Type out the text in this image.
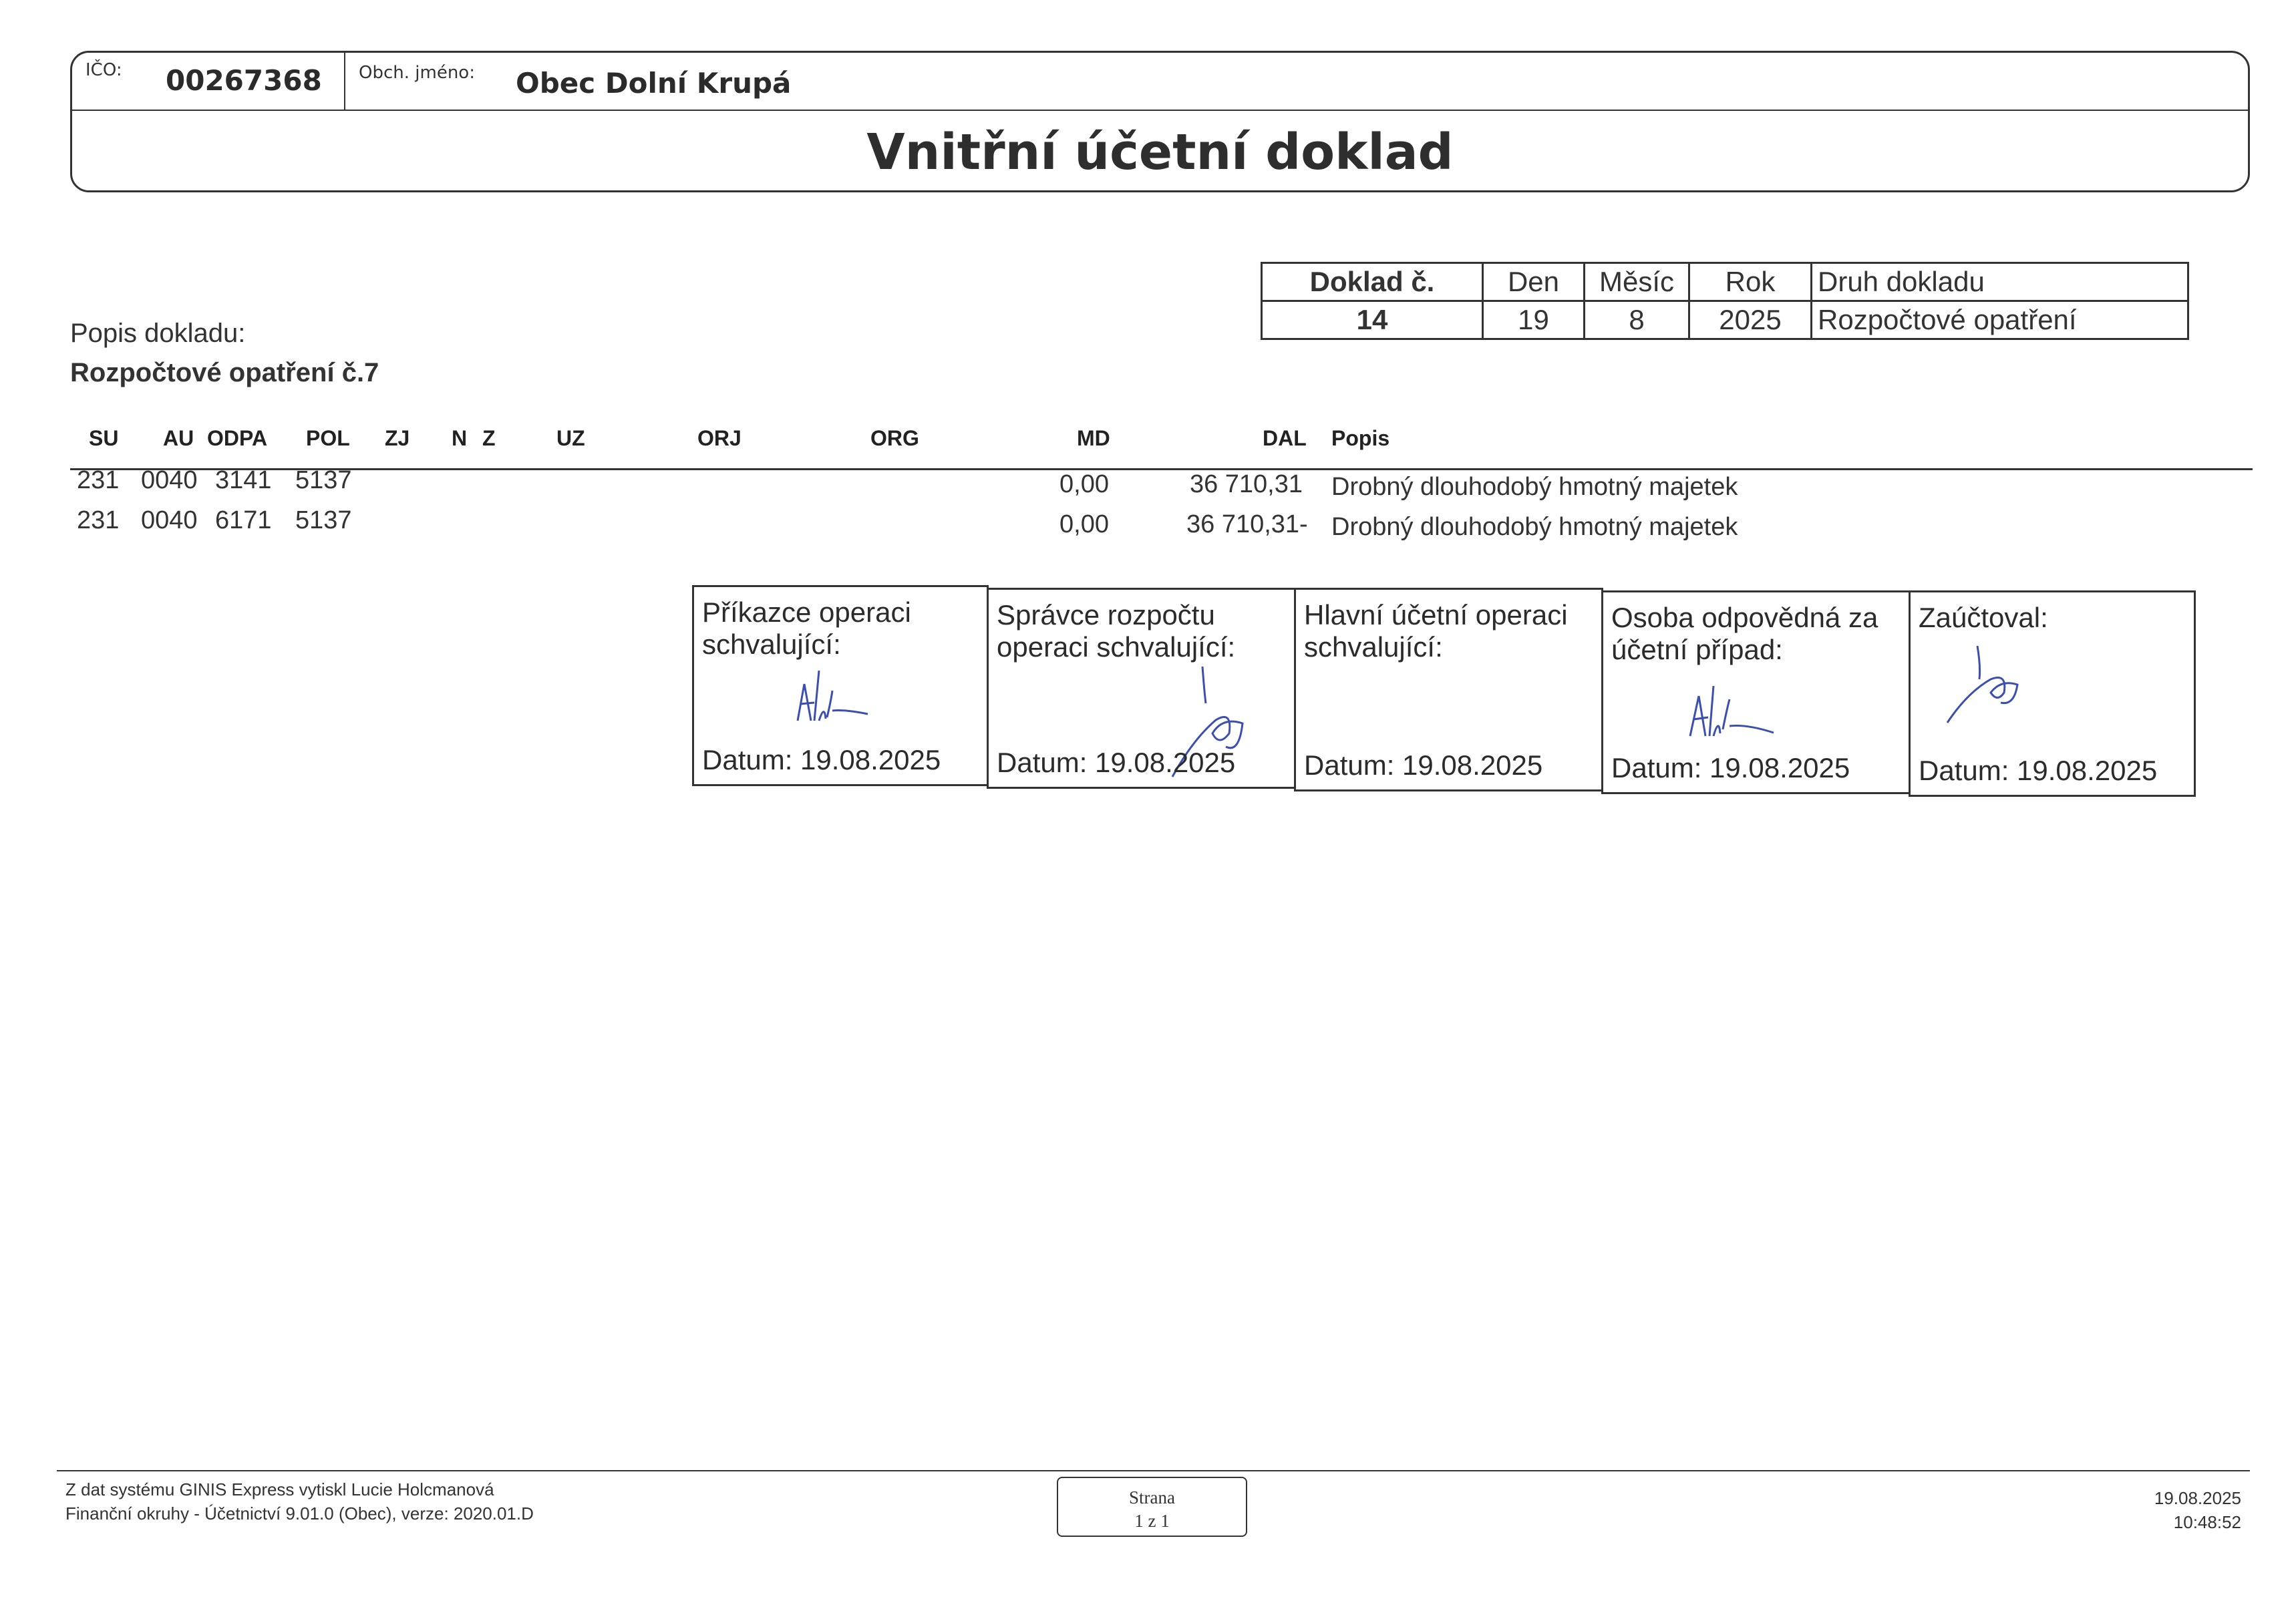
IČO: 00267368 Obch. jméno: Obec Dolní Krupá
Vnitřní účetní doklad
Doklad č.	Den	Měsíc	Rok	Druh dokladu
14	19	8	2025	Rozpočtové opatření
Popis dokladu:
Rozpočtové opatření č.7
SU AU ODPA POL ZJ N Z	UZ	ORJ	ORG	MD	DAL Popis
231 0040 3141 5137	0,00	36 710,31 Drobný dlouhodobý hmotný majetek
231 0040 6171 5137	0,00	36 710,31- Drobný dlouhodobý hmotný majetek
Příkazce operaci schvalující:
Datum: 19.08.2025
Správce rozpočtu operaci schvalující:
Datum: 19.08.2025
Hlavní účetní operaci schvalující:
Datum: 19.08.2025
Osoba odpovědná za účetní případ:
Datum: 19.08.2025
Zaúčtoval:
Datum: 19.08.2025
Z dat systému GINIS Express vytiskl Lucie Holcmanová
Finanční okruhy - Účetnictví 9.01.0 (Obec), verze: 2020.01.D
Strana
1 z 1
19.08.2025
10:48:52
